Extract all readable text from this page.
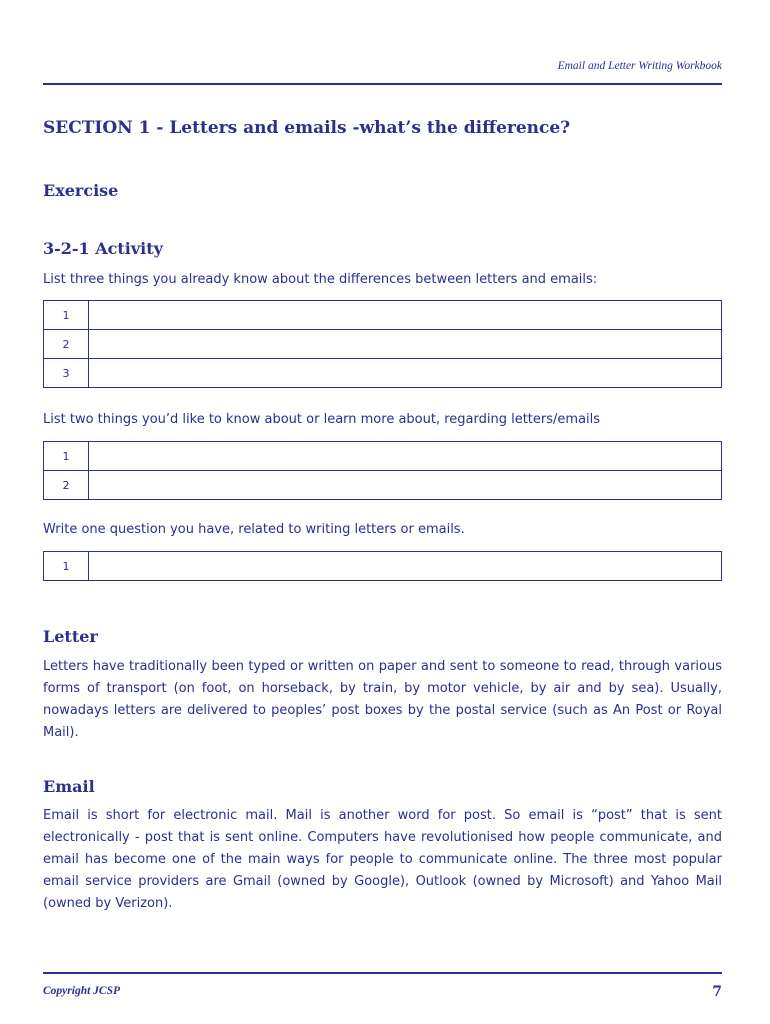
Email and Letter Writing Workbook
SECTION 1 - Letters and emails -what’s the difference?
Exercise
3-2-1 Activity

List three things you already know about the differences between letters and emails:

1	
2	
3	

List two things you’d like to know about or learn more about, regarding letters/emails

1	
2	

Write one question you have, related to writing letters or emails.

1	
Letter

Letters have traditionally been typed or written on paper and sent to someone to read, through various forms of transport (on foot, on horseback, by train, by motor vehicle, by air and by sea). Usually, nowadays letters are delivered to peoples’ post boxes by the postal service (such as An Post or Royal Mail).

Email

Email is short for electronic mail. Mail is another word for post. So email is “post” that is sent electronically - post that is sent online. Computers have revolutionised how people communicate, and email has become one of the main ways for people to communicate online. The three most popular email service providers are Gmail (owned by Google), Outlook (owned by Microsoft) and Yahoo Mail (owned by Verizon).

Copyright JCSP	7
